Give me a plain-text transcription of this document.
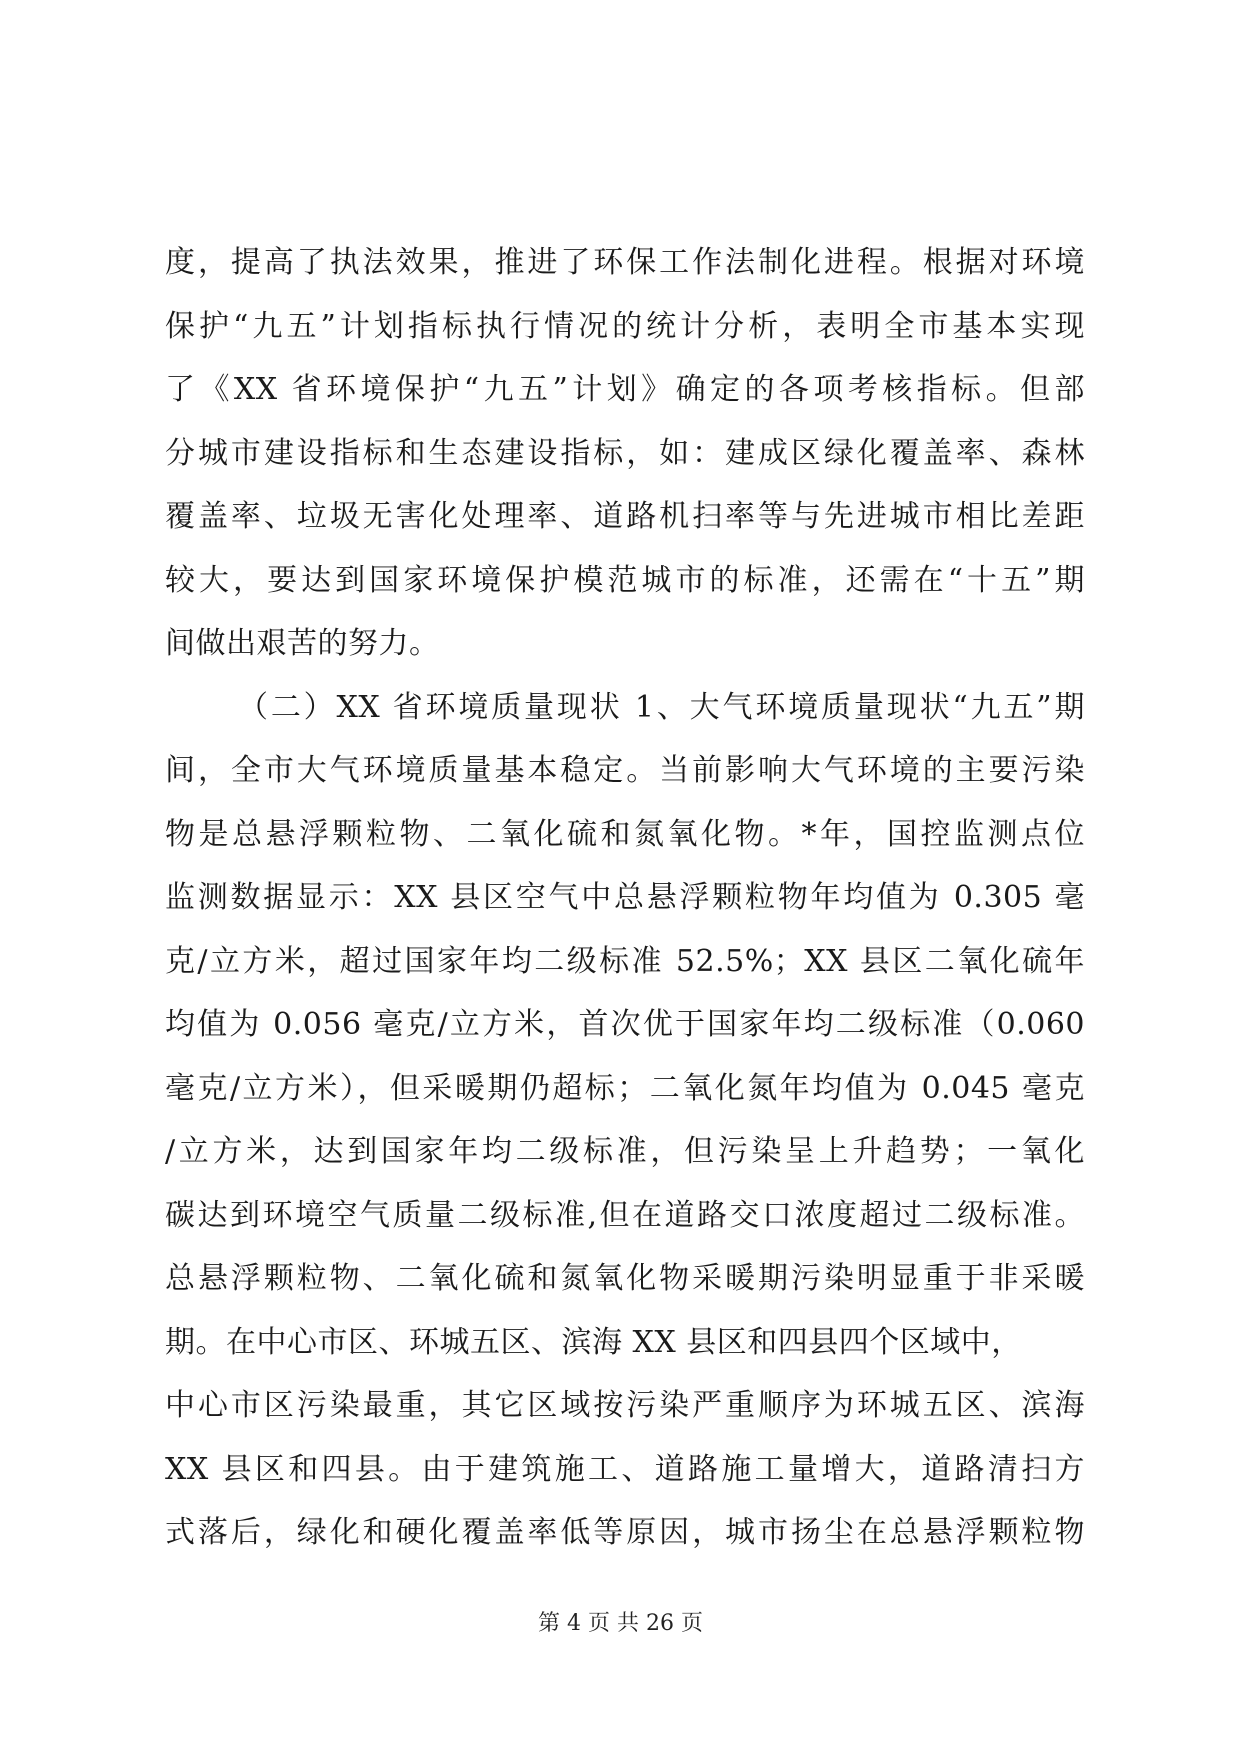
度，提高了执法效果，推进了环保工作法制化进程。根据对环境
保护“九五”计划指标执行情况的统计分析，表明全市基本实现
了《XX 省环境保护“九五”计划》确定的各项考核指标。但部
分城市建设指标和生态建设指标，如：建成区绿化覆盖率、森林
覆盖率、垃圾无害化处理率、道路机扫率等与先进城市相比差距
较大，要达到国家环境保护模范城市的标准，还需在“十五”期
间做出艰苦的努力。
（二）XX 省环境质量现状 1、大气环境质量现状“九五”期
间，全市大气环境质量基本稳定。当前影响大气环境的主要污染
物是总悬浮颗粒物、二氧化硫和氮氧化物。*年，国控监测点位
监测数据显示：XX 县区空气中总悬浮颗粒物年均值为 0.305 毫
克/立方米，超过国家年均二级标准 52.5%；XX 县区二氧化硫年
均值为 0.056 毫克/立方米，首次优于国家年均二级标准（0.060
毫克/立方米），但采暖期仍超标；二氧化氮年均值为 0.045 毫克
/立方米，达到国家年均二级标准，但污染呈上升趋势；一氧化
碳达到环境空气质量二级标准,但在道路交口浓度超过二级标准。
总悬浮颗粒物、二氧化硫和氮氧化物采暖期污染明显重于非采暖
期。在中心市区、环城五区、滨海 XX 县区和四县四个区域中，
中心市区污染最重，其它区域按污染严重顺序为环城五区、滨海
XX 县区和四县。由于建筑施工、道路施工量增大，道路清扫方
式落后，绿化和硬化覆盖率低等原因，城市扬尘在总悬浮颗粒物
第 4 页 共 26 页
